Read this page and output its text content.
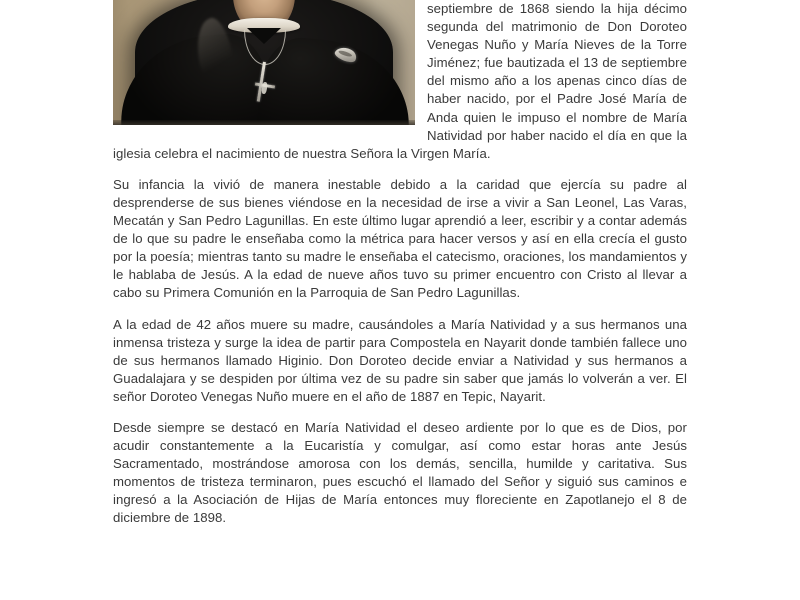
septiembre de 1868 siendo la hija décimo segunda del matrimonio de Don Doroteo Venegas Nuño y María Nieves de la Torre Jiménez; fue bautizada el 13 de septiembre del mismo año a los apenas cinco días de haber nacido, por el Padre José María de Anda quien le impuso el nombre de María Natividad por haber nacido el día en que la iglesia celebra el nacimiento de nuestra Señora la Virgen María.

Su infancia la vivió de manera inestable debido a la caridad que ejercía su padre al desprenderse de sus bienes viéndose en la necesidad de irse a vivir a San Leonel, Las Varas, Mecatán y San Pedro Lagunillas. En este último lugar aprendió a leer, escribir y a contar además de lo que su padre le enseñaba como la métrica para hacer versos y así en ella crecía el gusto por la poesía; mientras tanto su madre le enseñaba el catecismo, oraciones, los mandamientos y le hablaba de Jesús. A la edad de nueve años tuvo su primer encuentro con Cristo al llevar a cabo su Primera Comunión en la Parroquia de San Pedro Lagunillas.

A la edad de 42 años muere su madre, causándoles a María Natividad y a sus hermanos una inmensa tristeza y surge la idea de partir para Compostela en Nayarit donde también fallece uno de sus hermanos llamado Higinio. Don Doroteo decide enviar a Natividad y sus hermanos a Guadalajara y se despiden por última vez de su padre sin saber que jamás lo volverán a ver. El señor Doroteo Venegas Nuño muere en el año de 1887 en Tepic, Nayarit.

Desde siempre se destacó en María Natividad el deseo ardiente por lo que es de Dios, por acudir constantemente a la Eucaristía y comulgar, así como estar horas ante Jesús Sacramentado, mostrándose amorosa con los demás, sencilla, humilde y caritativa. Sus momentos de tristeza terminaron, pues escuchó el llamado del Señor y siguió sus caminos e ingresó a la Asociación de Hijas de María entonces muy floreciente en Zapotlanejo el 8 de diciembre de 1898.
